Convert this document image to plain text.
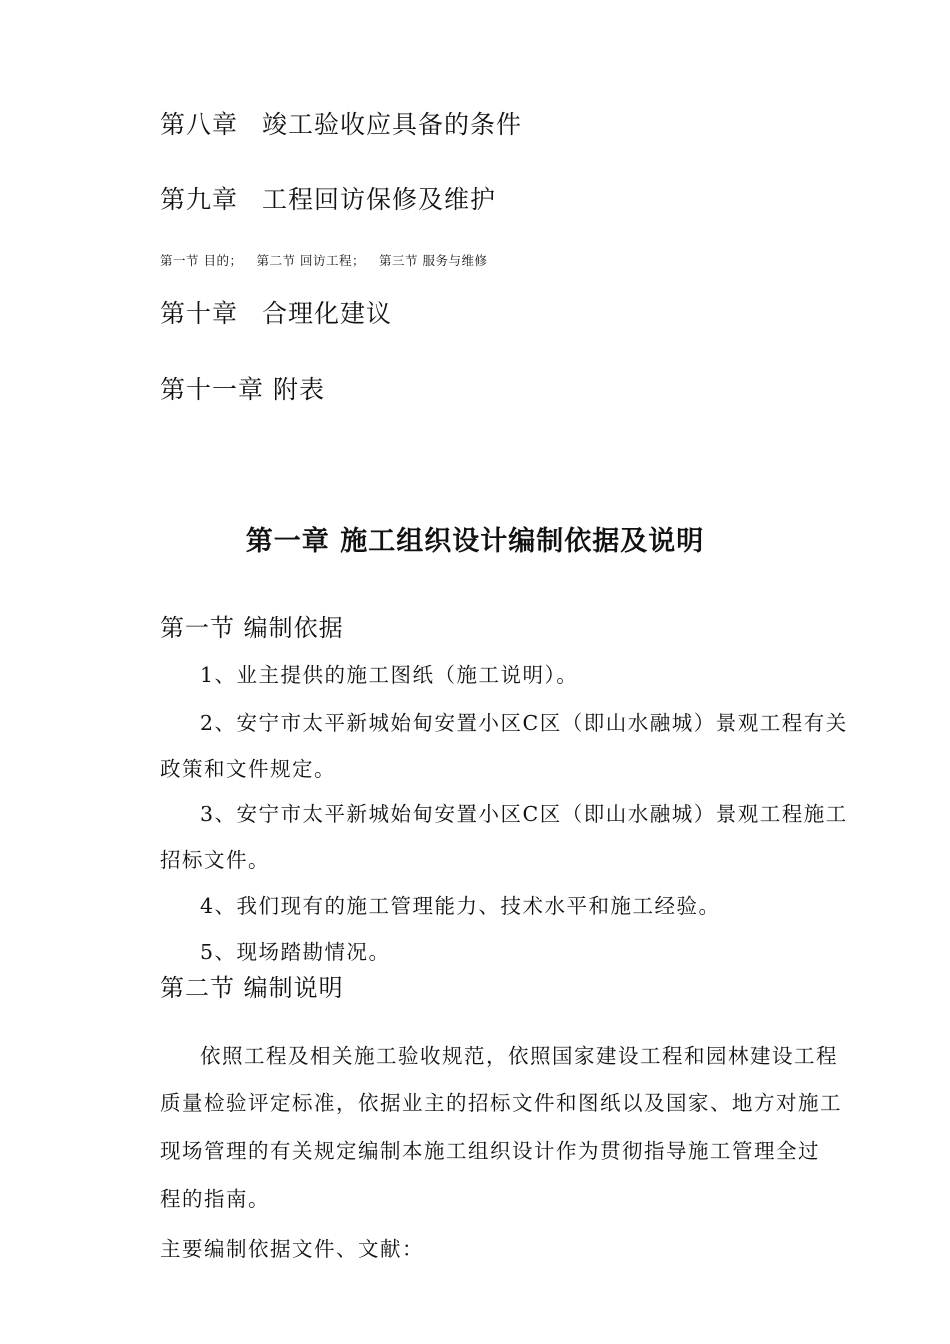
第八章 竣工验收应具备的条件
第九章 工程回访保修及维护
第一节 目的； 第二节 回访工程； 第三节 服务与维修
第十章 合理化建议
第十一章 附表
第一章 施工组织设计编制依据及说明
第一节 编制依据
1、业主提供的施工图纸（施工说明）。
2、安宁市太平新城始甸安置小区C区（即山水融城）景观工程有关
政策和文件规定。
3、安宁市太平新城始甸安置小区C区（即山水融城）景观工程施工
招标文件。
4、我们现有的施工管理能力、技术水平和施工经验。
5、现场踏勘情况。
第二节 编制说明
依照工程及相关施工验收规范，依照国家建设工程和园林建设工程
质量检验评定标准，依据业主的招标文件和图纸以及国家、地方对施工
现场管理的有关规定编制本施工组织设计作为贯彻指导施工管理全过
程的指南。
主要编制依据文件、文献：
